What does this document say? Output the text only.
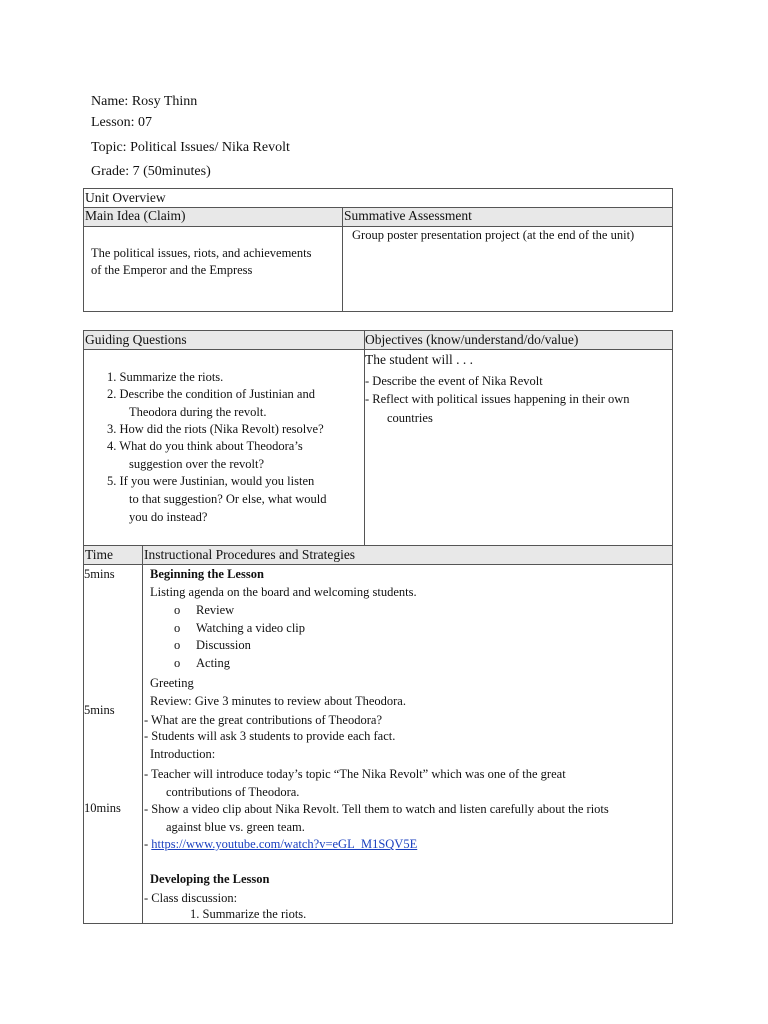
Name: Rosy Thinn
Lesson: 07
Topic: Political Issues/ Nika Revolt
Grade: 7 (50minutes)
Unit Overview
Main Idea (Claim)	Summative Assessment
The political issues, riots, and achievements
of the Emperor and the Empress
Group poster presentation project (at the end of the unit)
Guiding Questions	Objectives (know/understand/do/value)
1. Summarize the riots.
2. Describe the condition of Justinian and
Theodora during the revolt.
3. How did the riots (Nika Revolt) resolve?
4. What do you think about Theodora’s
suggestion over the revolt?
5. If you were Justinian, would you listen
to that suggestion? Or else, what would
you do instead?
The student will . . .
- Describe the event of Nika Revolt
- Reflect with political issues happening in their own
countries
Time Instructional Procedures and Strategies
5mins
5mins
10mins
Beginning the Lesson
Listing agenda on the board and welcoming students.
o Review
o Watching a video clip
o Discussion
o Acting
Greeting
Review: Give 3 minutes to review about Theodora.
- What are the great contributions of Theodora?
- Students will ask 3 students to provide each fact.
Introduction:
- Teacher will introduce today’s topic “The Nika Revolt” which was one of the great
contributions of Theodora.
- Show a video clip about Nika Revolt. Tell them to watch and listen carefully about the riots
against blue vs. green team.
- https://www.youtube.com/watch?v=eGL_M1SQV5E
Developing the Lesson
- Class discussion:
1. Summarize the riots.
